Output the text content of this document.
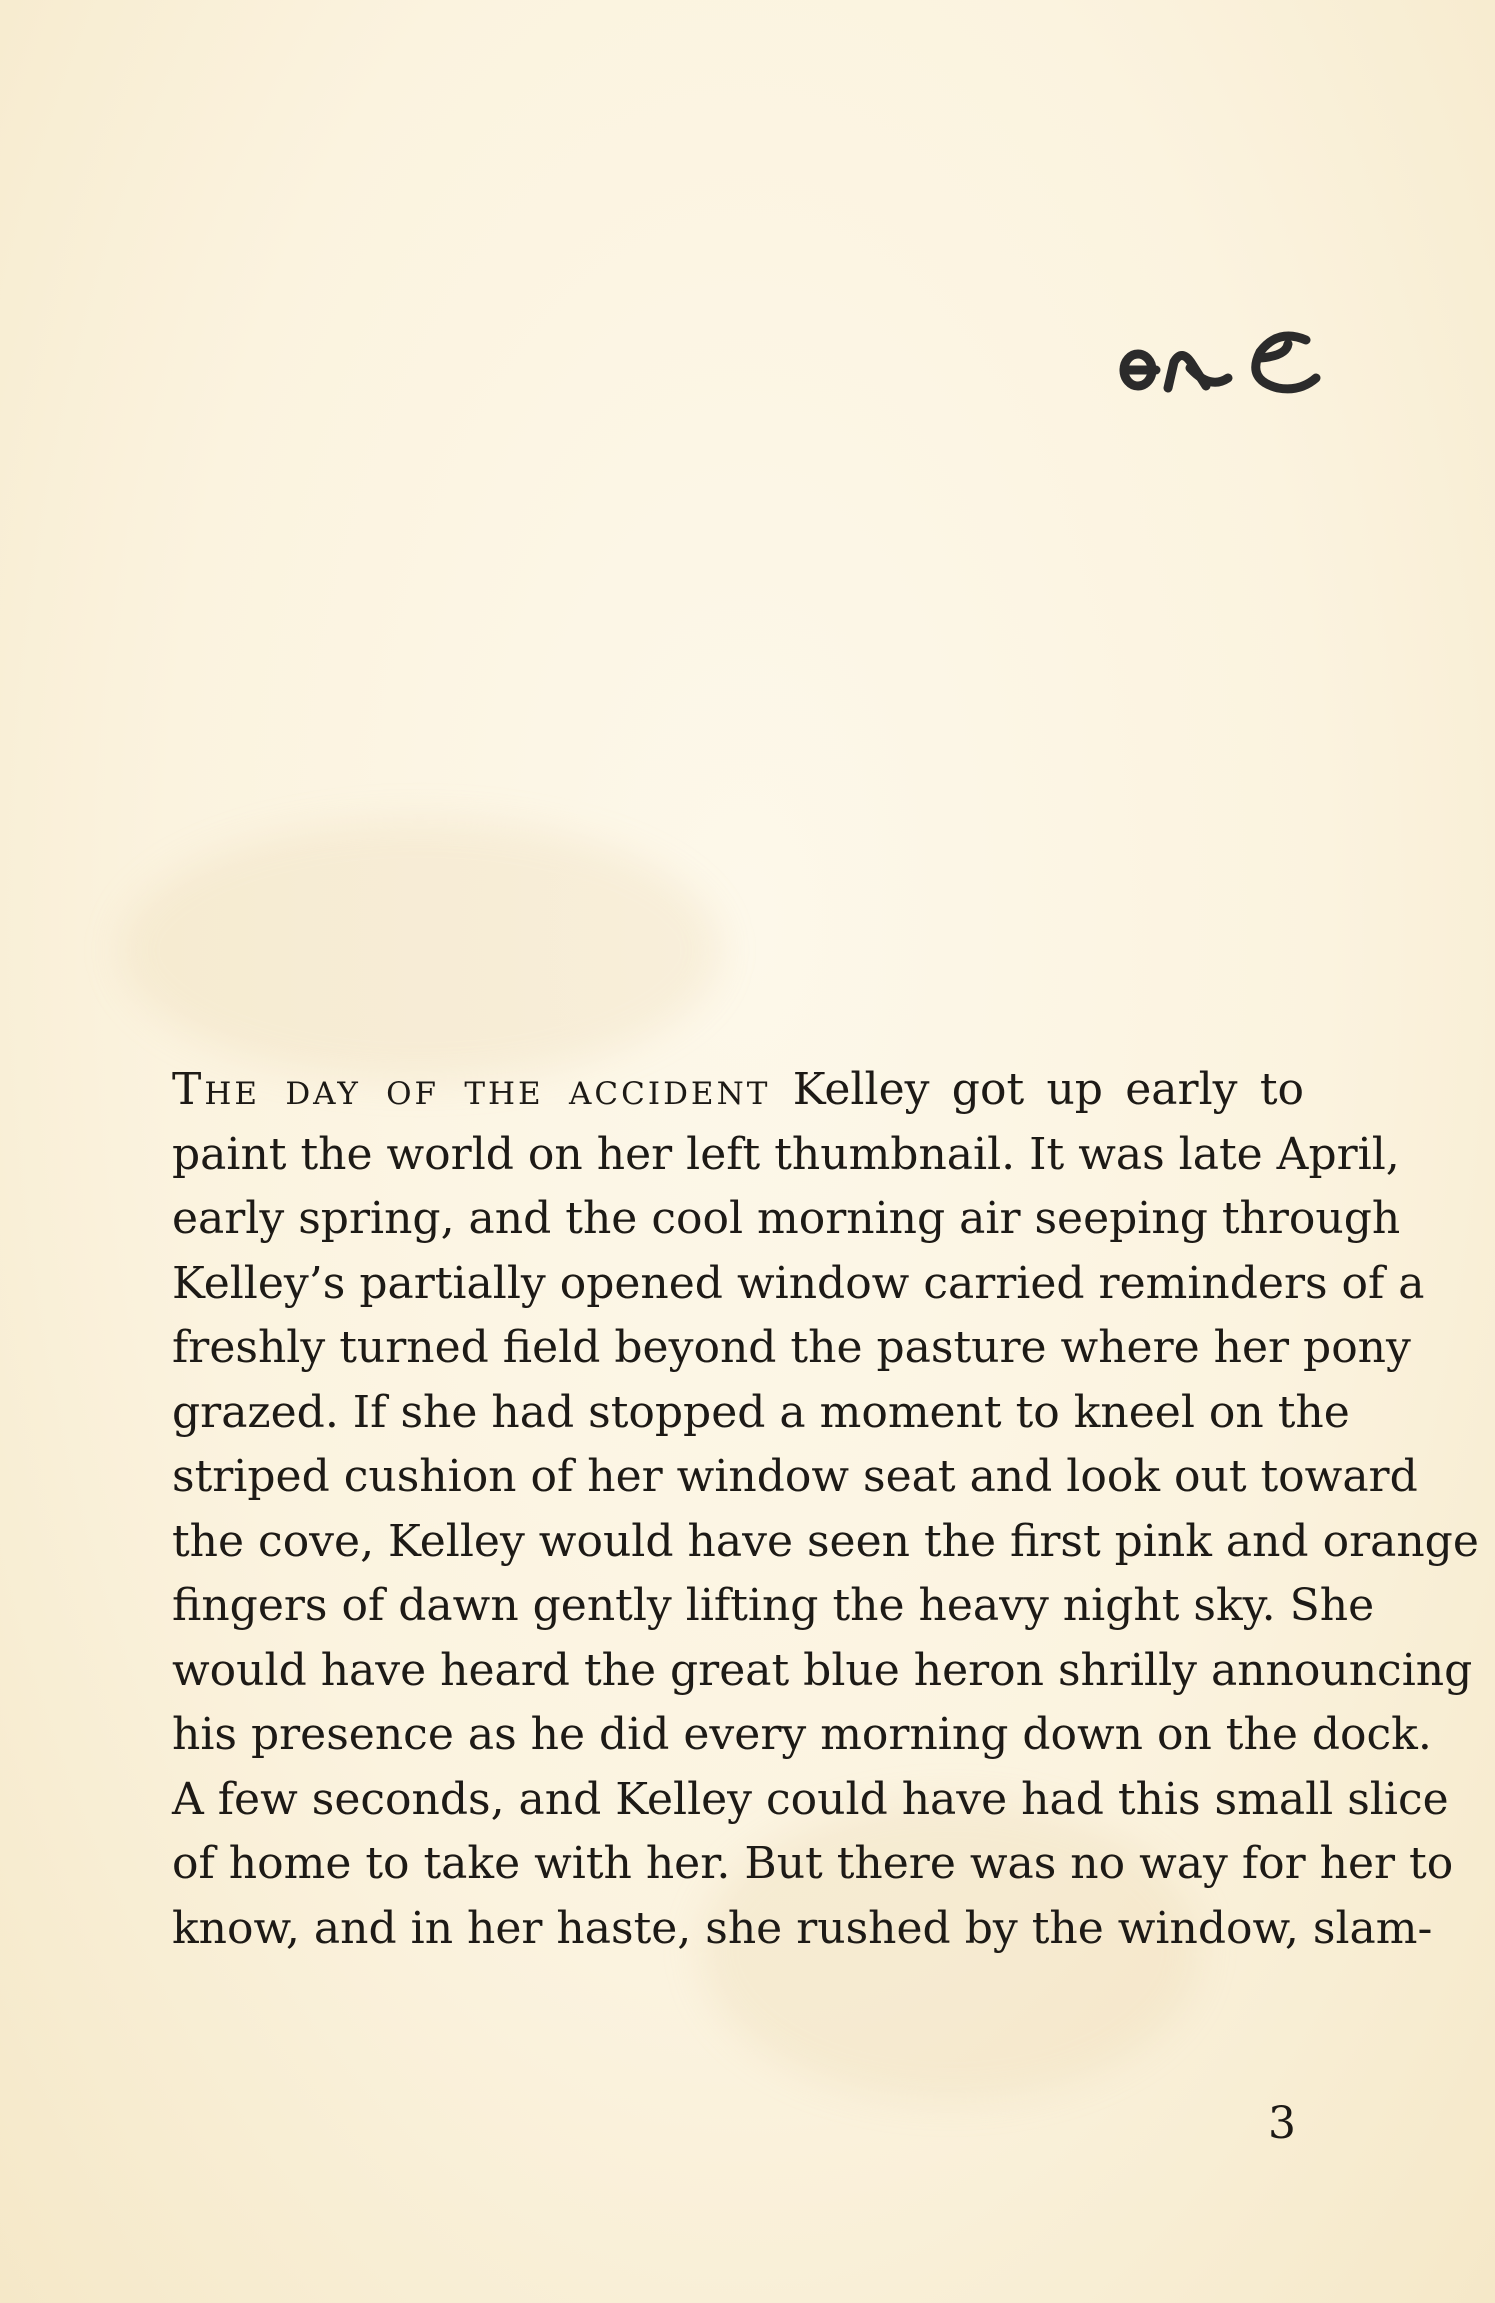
The day of the accident Kelley got up early to
paint the world on her left thumbnail. It was late April,
early spring, and the cool morning air seeping through
Kelley’s partially opened window carried reminders of a
freshly turned field beyond the pasture where her pony
grazed. If she had stopped a moment to kneel on the
striped cushion of her window seat and look out toward
the cove, Kelley would have seen the first pink and orange
fingers of dawn gently lifting the heavy night sky. She
would have heard the great blue heron shrilly announcing
his presence as he did every morning down on the dock.
A few seconds, and Kelley could have had this small slice
of home to take with her. But there was no way for her to
know, and in her haste, she rushed by the window, slam-
3
